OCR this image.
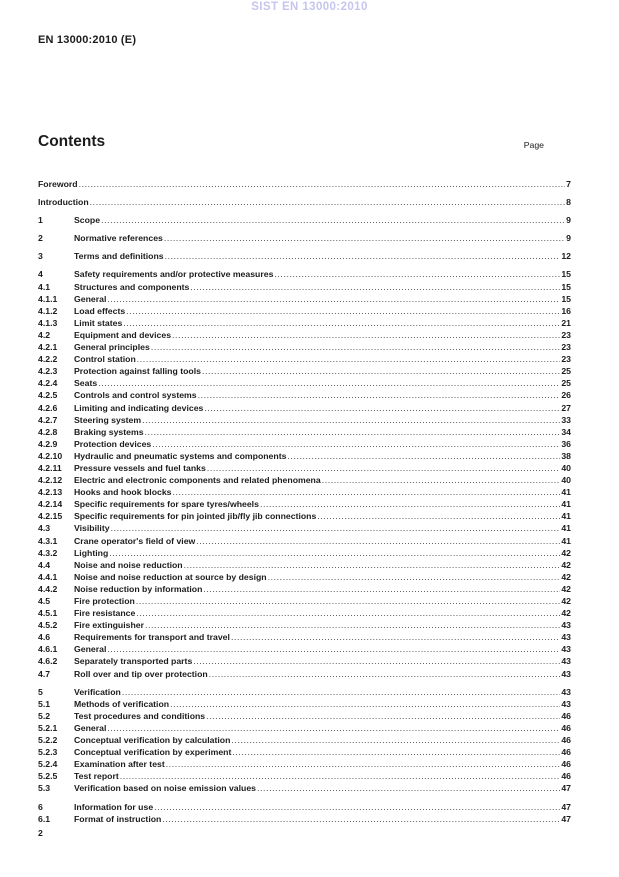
SIST EN 13000:2010
EN 13000:2010 (E)
Contents	Page
Foreword .....	7
Introduction .....	8
1	Scope .....	9
2	Normative references .....	9
3	Terms and definitions .....	12
4	Safety requirements and/or protective measures .....	15
4.1	Structures and components .....	15
4.1.1	General .....	15
4.1.2	Load effects .....	16
4.1.3	Limit states .....	21
4.2	Equipment and devices .....	23
4.2.1	General principles .....	23
4.2.2	Control station .....	23
4.2.3	Protection against falling tools .....	25
4.2.4	Seats .....	25
4.2.5	Controls and control systems .....	26
4.2.6	Limiting and indicating devices .....	27
4.2.7	Steering system .....	33
4.2.8	Braking systems .....	34
4.2.9	Protection devices .....	36
4.2.10	Hydraulic and pneumatic systems and components .....	38
4.2.11	Pressure vessels and fuel tanks .....	40
4.2.12	Electric and electronic components and related phenomena .....	40
4.2.13	Hooks and hook blocks .....	41
4.2.14	Specific requirements for spare tyres/wheels .....	41
4.2.15	Specific requirements for pin jointed jib/fly jib connections .....	41
4.3	Visibility .....	41
4.3.1	Crane operator's field of view .....	41
4.3.2	Lighting .....	42
4.4	Noise and noise reduction .....	42
4.4.1	Noise and noise reduction at source by design .....	42
4.4.2	Noise reduction by information .....	42
4.5	Fire protection .....	42
4.5.1	Fire resistance .....	42
4.5.2	Fire extinguisher .....	43
4.6	Requirements for transport and travel .....	43
4.6.1	General .....	43
4.6.2	Separately transported parts .....	43
4.7	Roll over and tip over protection .....	43
5	Verification .....	43
5.1	Methods of verification .....	43
5.2	Test procedures and conditions .....	46
5.2.1	General .....	46
5.2.2	Conceptual verification by calculation .....	46
5.2.3	Conceptual verification by experiment .....	46
5.2.4	Examination after test .....	46
5.2.5	Test report .....	46
5.3	Verification based on noise emission values .....	47
6	Information for use .....	47
6.1	Format of instruction .....	47
2
